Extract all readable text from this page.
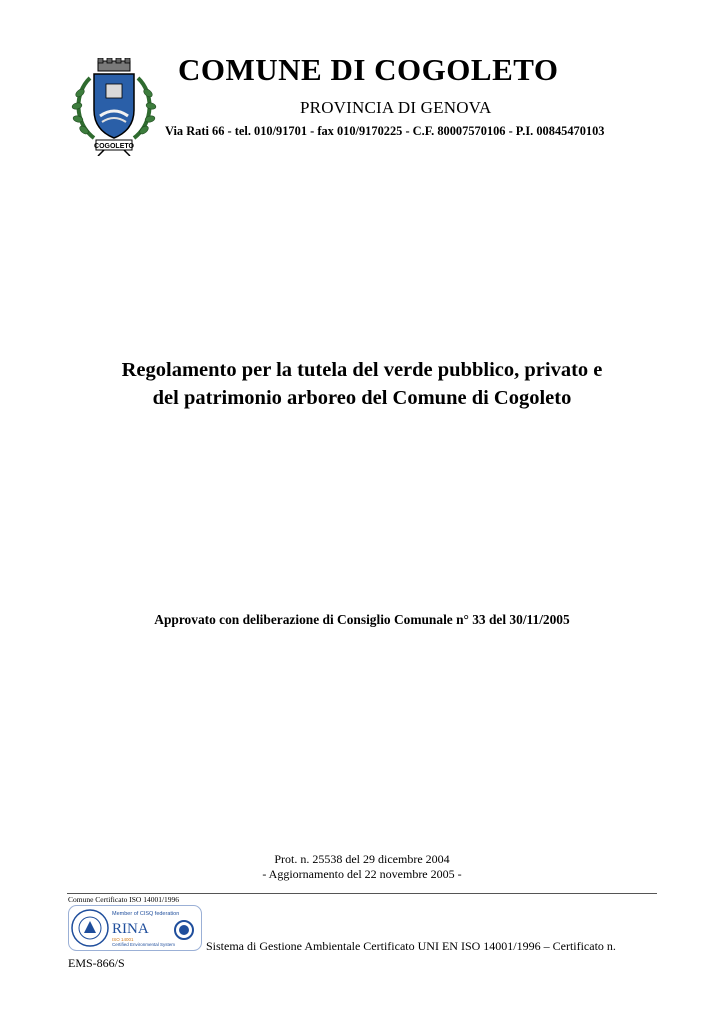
COGOLETO
COMUNE DI COGOLETO
PROVINCIA DI GENOVA
Via Rati 66 - tel. 010/91701 - fax 010/9170225 - C.F. 80007570106 - P.I. 00845470103
Regolamento per la tutela del verde pubblico, privato e
del patrimonio arboreo del Comune di Cogoleto
Approvato con deliberazione di Consiglio Comunale n° 33 del 30/11/2005
Prot. n. 25538 del 29 dicembre 2004
- Aggiornamento del 22 novembre 2005 -
Comune Certificato ISO 14001/1996
Member of CISQ federation
RINA
ISO 14001
Certified Environmental System	Sistema di Gestione Ambientale Certificato UNI EN ISO 14001/1996 – Certificato n.
EMS-866/S
